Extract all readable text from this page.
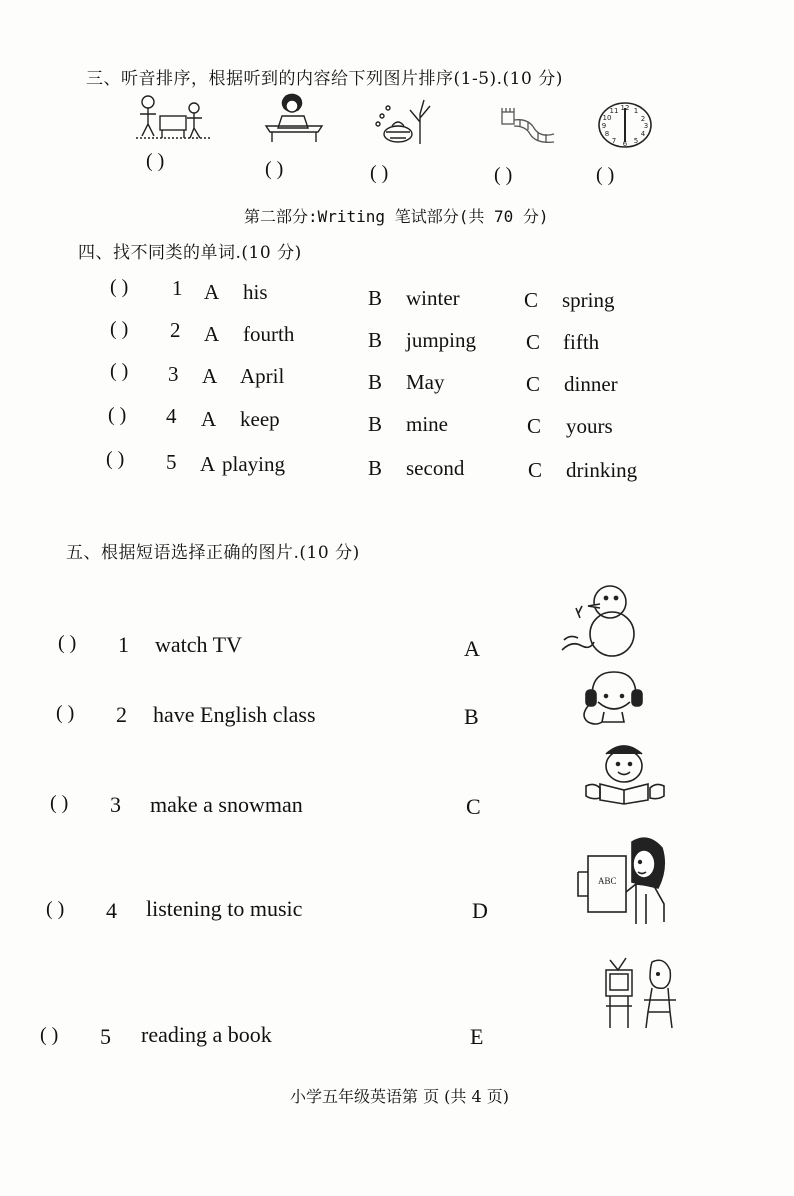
三、听音排序，根据听到的内容给下列图片排序(1-5).(10 分)
12 1
2
3
4
5
6
7
8
9
10
11
( )	( )	( )	( )	( )
第二部分:Writing 笔试部分(共 70 分)
四、找不同类的单词.(10 分)
( ) 1 A his	B winter	C spring
( ) 2 A fourth	B jumping C fifth
( ) 3 A April	B May	C dinner
( ) 4 A keep	B mine	C yours
( ) 5 A playing	B second	C drinking
五、根据短语选择正确的图片.(10 分)
( ) 1 watch TV	A
( ) 2 have English class	B
( ) 3 make a snowman	C
( ) 4 listening to music	D
( ) 5 reading a book	E
ABC
小学五年级英语第 页 (共 4 页)
